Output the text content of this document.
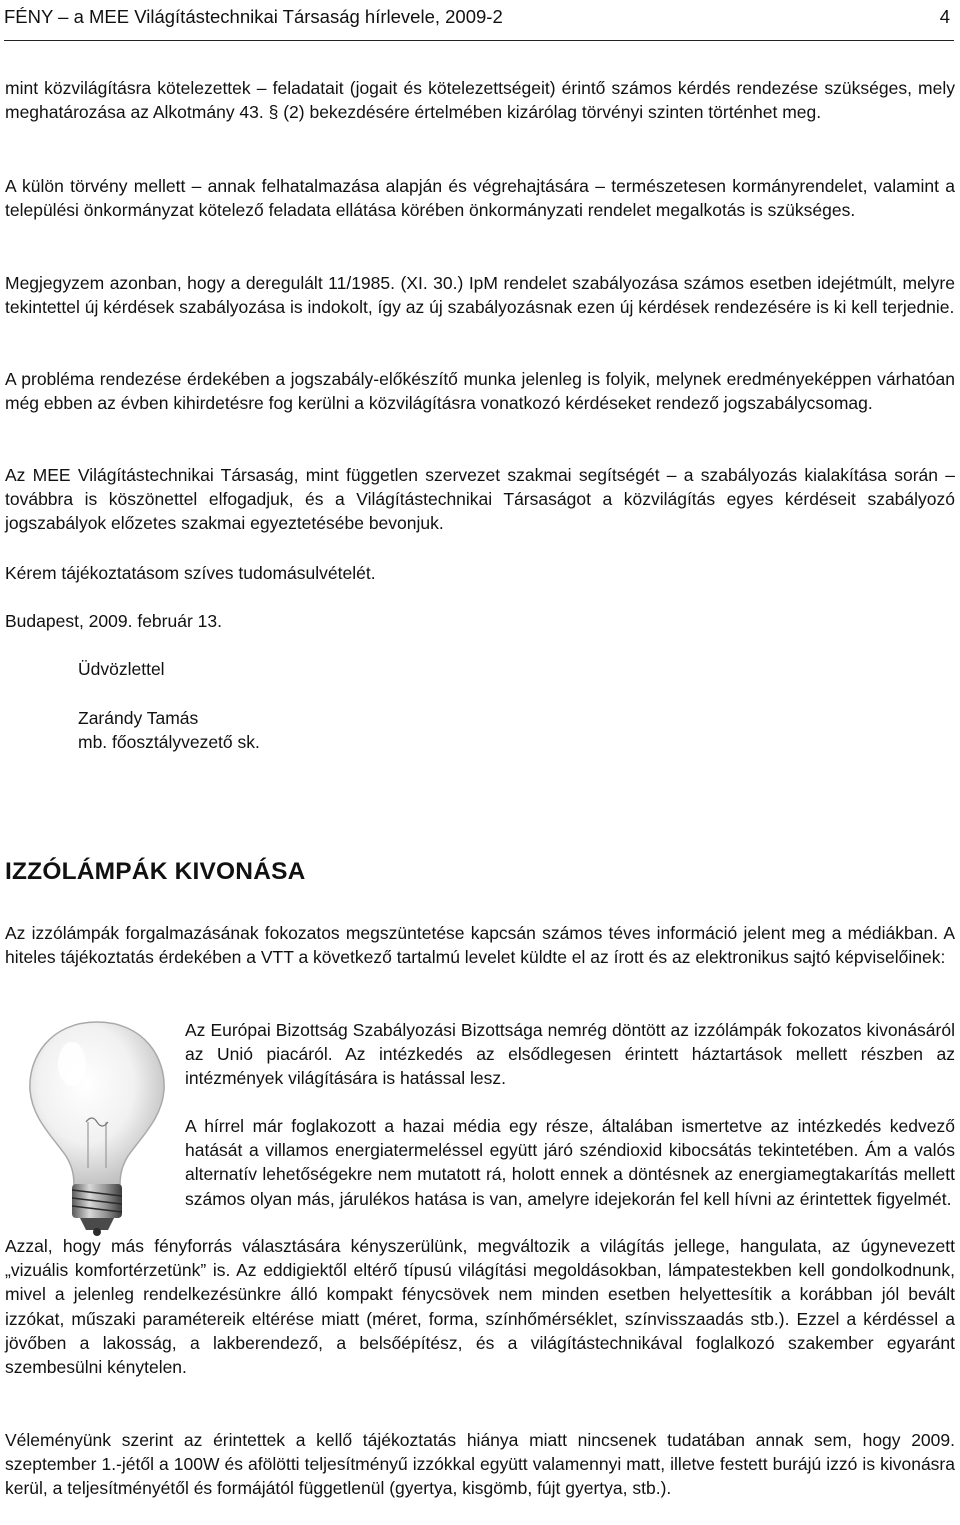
FÉNY – a MEE Világítástechnikai Társaság hírlevele, 2009-2	4

mint közvilágításra kötelezettek – feladatait (jogait és kötelezettségeit) érintő számos kérdés rendezése szükséges, mely meghatározása az Alkotmány 43. § (2) bekezdésére értelmében kizárólag törvényi szinten történhet meg.

A külön törvény mellett – annak felhatalmazása alapján és végrehajtására – természetesen kormányrendelet, valamint a települési önkormányzat kötelező feladata ellátása körében önkormányzati rendelet megalkotás is szükséges.

Megjegyzem azonban, hogy a deregulált 11/1985. (XI. 30.) IpM rendelet szabályozása számos esetben idejétmúlt, melyre tekintettel új kérdések szabályozása is indokolt, így az új szabályozásnak ezen új kérdések rendezésére is ki kell terjednie.

A probléma rendezése érdekében a jogszabály-előkészítő munka jelenleg is folyik, melynek eredményeképpen várhatóan még ebben az évben kihirdetésre fog kerülni a közvilágításra vonatkozó kérdéseket rendező jogszabálycsomag.

Az MEE Világítástechnikai Társaság, mint független szervezet szakmai segítségét – a szabályozás kialakítása során – továbbra is köszönettel elfogadjuk, és a Világítástechnikai Társaságot a közvilágítás egyes kérdéseit szabályozó jogszabályok előzetes szakmai egyeztetésébe bevonjuk.

Kérem tájékoztatásom szíves tudomásulvételét.

Budapest, 2009. február 13.

Üdvözlettel

Zarándy Tamás

mb. főosztályvezető sk.

IZZÓLÁMPÁK KIVONÁSA

Az izzólámpák forgalmazásának fokozatos megszüntetése kapcsán számos téves információ jelent meg a médiákban. A hiteles tájékoztatás érdekében a VTT a következő tartalmú levelet küldte el az írott és az elektronikus sajtó képviselőinek:

Az Európai Bizottság Szabályozási Bizottsága nemrég döntött az izzólámpák fokozatos kivonásáról az Unió piacáról. Az intézkedés az elsődlegesen érintett háztartások mellett részben az intézmények világítására is hatással lesz.

A hírrel már foglakozott a hazai média egy része, általában ismertetve az intézkedés kedvező hatását a villamos energiatermeléssel együtt járó széndioxid kibocsátás tekintetében. Ám a valós alternatív lehetőségekre nem mutatott rá, holott ennek a döntésnek az energiamegtakarítás mellett számos olyan más, járulékos hatása is van, amelyre idejekorán fel kell hívni az érintettek figyelmét.

Azzal, hogy más fényforrás választására kényszerülünk, megváltozik a világítás jellege, hangulata, az úgynevezett „vizuális komfortérzetünk” is. Az eddigiektől eltérő típusú világítási megoldásokban, lámpatestekben kell gondolkodnunk, mivel a jelenleg rendelkezésünkre álló kompakt fénycsövek nem minden esetben helyettesítik a korábban jól bevált izzókat, műszaki paramétereik eltérése miatt (méret, forma, színhőmérséklet, színvisszaadás stb.). Ezzel a kérdéssel a jövőben a lakosság, a lakberendező, a belsőépítész, és a világítástechnikával foglalkozó szakember egyaránt szembesülni kénytelen.

Véleményünk szerint az érintettek a kellő tájékoztatás hiánya miatt nincsenek tudatában annak sem, hogy 2009. szeptember 1.-jétől a 100W és afölötti teljesítményű izzókkal együtt valamennyi matt, illetve festett burájú izzó is kivonásra kerül, a teljesítményétől és formájától függetlenül (gyertya, kisgömb, fújt gyertya, stb.).
